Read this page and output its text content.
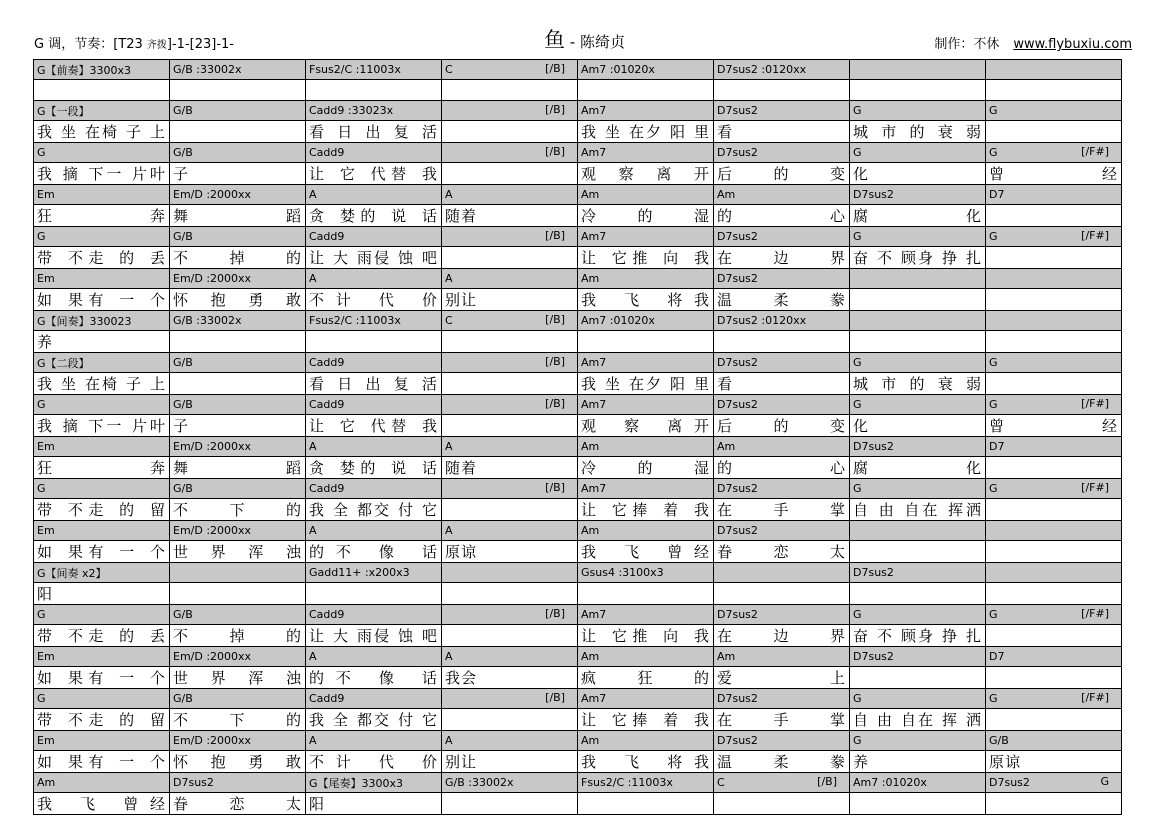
G 调，节奏：[T23 齐拨]-1-[23]-1-	鱼 - 陈绮贞	制作：不休 www.flybuxiu.com
G【前奏】3300x3	G/B :33002x	Fsus2/C :11003x	C [/B]	Am7 :01020x	D7sus2 :0120xx

G【一段】	G/B	Cadd9 :33023x	[/B]	Am7	D7sus2	G	G

我 坐 在椅 子 上		看 日 出 复 活		我 坐 在夕 阳 里	看	城 市 的 衰 弱	
G	G/B	Cadd9	[/B]	Am7	D7sus2	G	G [/F#]

我 摘 下一 片叶	子	让 它 代替 我		观 察 离 开	后 的 变	化	曾 经
Em	Em/D :2000xx	A	A	Am	Am	D7sus2	D7

狂 奔	舞 蹈	贪 婪的 说 话	随着	冷 的 湿	的 心	腐 化	
G	G/B	Cadd9	[/B]	Am7	D7sus2	G	G [/F#]

带 不走 的 丢	不 掉 的	让 大 雨侵 蚀 吧		让 它推 向 我	在 边 界	奋 不 顾身 挣 扎	
Em	Em/D :2000xx	A	A	Am	D7sus2

如 果有 一 个	怀 抱 勇 敢	不计 代 价	别让	我 飞 将我	温 柔 豢		
G【间奏】330023	G/B :33002x	Fsus2/C :11003x	C [/B]	Am7 :01020x	D7sus2 :0120xx

养							
G【二段】	G/B	Cadd9	[/B]	Am7	D7sus2	G	G

我 坐 在椅 子 上		看 日 出 复 活		我 坐 在夕 阳 里	看	城 市 的 衰 弱	
G	G/B	Cadd9	[/B]	Am7	D7sus2	G	G [/F#]

我 摘 下一 片叶	子	让 它 代替 我		观 察 离开	后 的 变	化	曾 经
Em	Em/D :2000xx	A	A	Am	Am	D7sus2	D7

狂 奔	舞 蹈	贪 婪的 说 话	随着	冷 的 湿	的 心	腐 化	
G	G/B	Cadd9	[/B]	Am7	D7sus2	G	G [/F#]

带 不走 的 留	不 下 的	我 全 都交 付 它		让 它捧 着 我	在 手 掌	自 由 自在 挥洒	
Em	Em/D :2000xx	A	A	Am	D7sus2

如 果有 一 个	世 界 浑 浊	的不 像 话	原谅	我 飞 曾经	眷 恋 太		
G【间奏 x2】		Gadd11+ :x200x3		Gsus4 :3100x3		D7sus2

阳							
G	G/B	Cadd9	[/B]	Am7	D7sus2	G	G [/F#]

带 不走 的 丢	不 掉 的	让 大 雨侵 蚀 吧		让 它推 向 我	在 边 界	奋 不 顾身 挣 扎	
Em	Em/D :2000xx	A	A	Am	Am	D7sus2	D7

如 果有 一 个	世 界 浑 浊	的不 像 话	我会	疯 狂 的	爱 上		
G	G/B	Cadd9	[/B]	Am7	D7sus2	G	G [/F#]

带 不走 的 留	不 下 的	我 全 都交 付 它		让 它捧 着 我	在 手 掌	自 由 自在 挥 洒	
Em	Em/D :2000xx	A	A	Am	D7sus2	G	G/B

如 果有 一 个	怀 抱 勇 敢	不计 代 价	别让	我 飞 将我	温 柔 豢	养	原谅
Am	D7sus2	G【尾奏】3300x3	G/B :33002x	Fsus2/C :11003x	C [/B]	Am7 :01020x	D7sus2 G

我 飞 曾经	眷 恋 太	阳					
